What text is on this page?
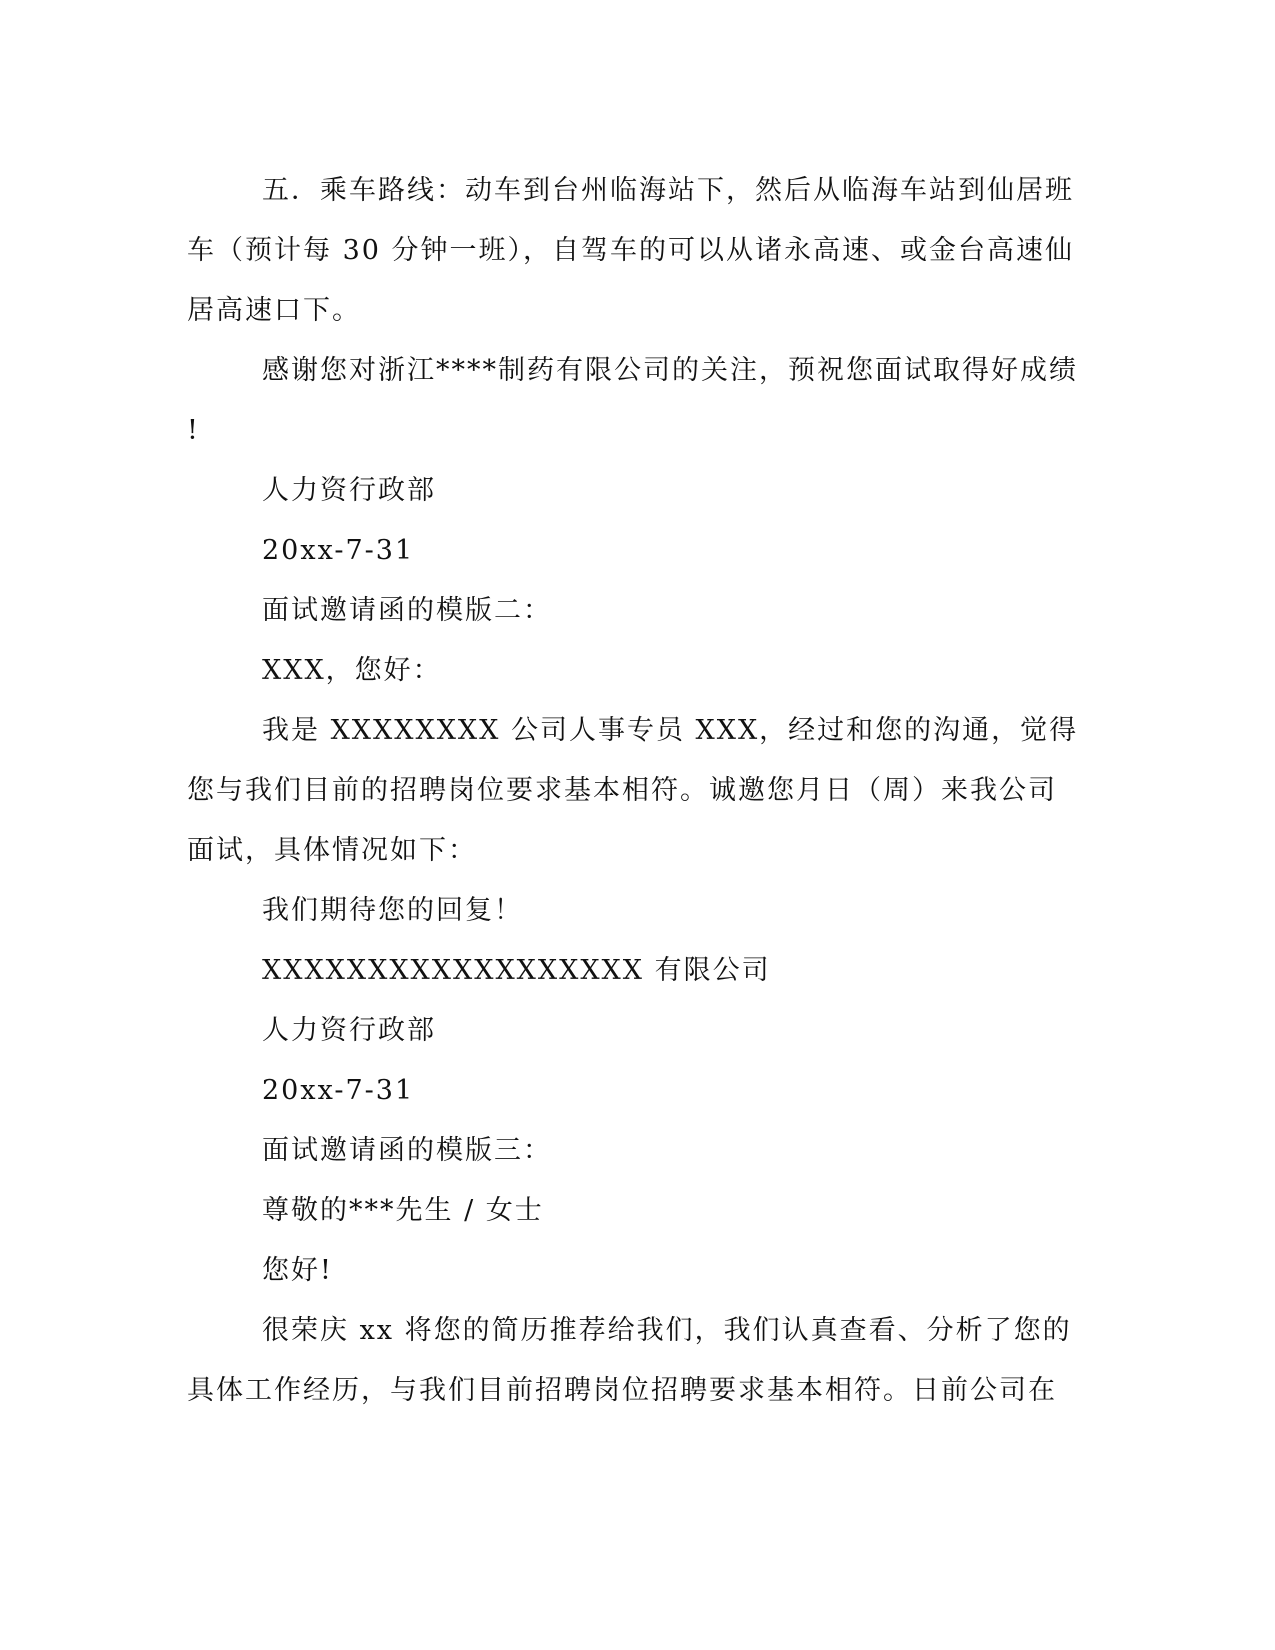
五．乘车路线：动车到台州临海站下，然后从临海车站到仙居班
车（预计每 30 分钟一班），自驾车的可以从诸永高速、或金台高速仙
居高速口下。
感谢您对浙江****制药有限公司的关注，预祝您面试取得好成绩
!
人力资行政部
20xx-7-31
面试邀请函的模版二：
XXX，您好：
我是 XXXXXXXX 公司人事专员 XXX，经过和您的沟通，觉得
您与我们目前的招聘岗位要求基本相符。诚邀您月日（周）来我公司
面试，具体情况如下：
我们期待您的回复！
XXXXXXXXXXXXXXXXXX 有限公司
人力资行政部
20xx-7-31
面试邀请函的模版三：
尊敬的***先生 / 女士
您好!
很荣庆 xx 将您的简历推荐给我们，我们认真查看、分析了您的
具体工作经历，与我们目前招聘岗位招聘要求基本相符。日前公司在
